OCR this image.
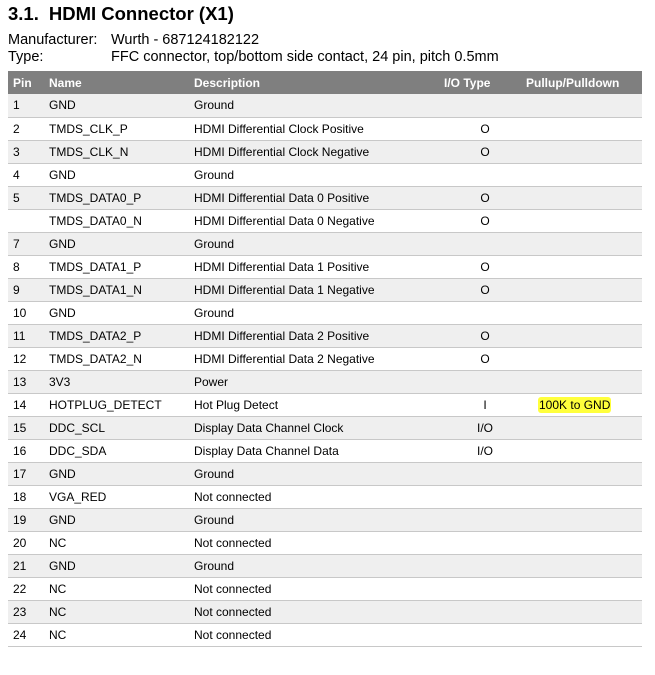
3.1. HDMI Connector (X1)
Manufacturer: Wurth - 687124182122
Type:	FFC connector, top/bottom side contact, 24 pin, pitch 0.5mm
Pin	Name	Description	I/O Type	Pullup/Pulldown
1	GND	Ground		
2	TMDS_CLK_P	HDMI Differential Clock Positive	O	
3	TMDS_CLK_N	HDMI Differential Clock Negative	O	
4	GND	Ground		
5	TMDS_DATA0_P	HDMI Differential Data 0 Positive	O	
	TMDS_DATA0_N	HDMI Differential Data 0 Negative	O	
7	GND	Ground		
8	TMDS_DATA1_P	HDMI Differential Data 1 Positive	O	
9	TMDS_DATA1_N	HDMI Differential Data 1 Negative	O	
10	GND	Ground		
11	TMDS_DATA2_P	HDMI Differential Data 2 Positive	O	
12	TMDS_DATA2_N	HDMI Differential Data 2 Negative	O	
13	3V3	Power		
14	HOTPLUG_DETECT	Hot Plug Detect	I	100K to GND
15	DDC_SCL	Display Data Channel Clock	I/O	
16	DDC_SDA	Display Data Channel Data	I/O	
17	GND	Ground		
18	VGA_RED	Not connected		
19	GND	Ground		
20	NC	Not connected		
21	GND	Ground		
22	NC	Not connected		
23	NC	Not connected		
24	NC	Not connected		
